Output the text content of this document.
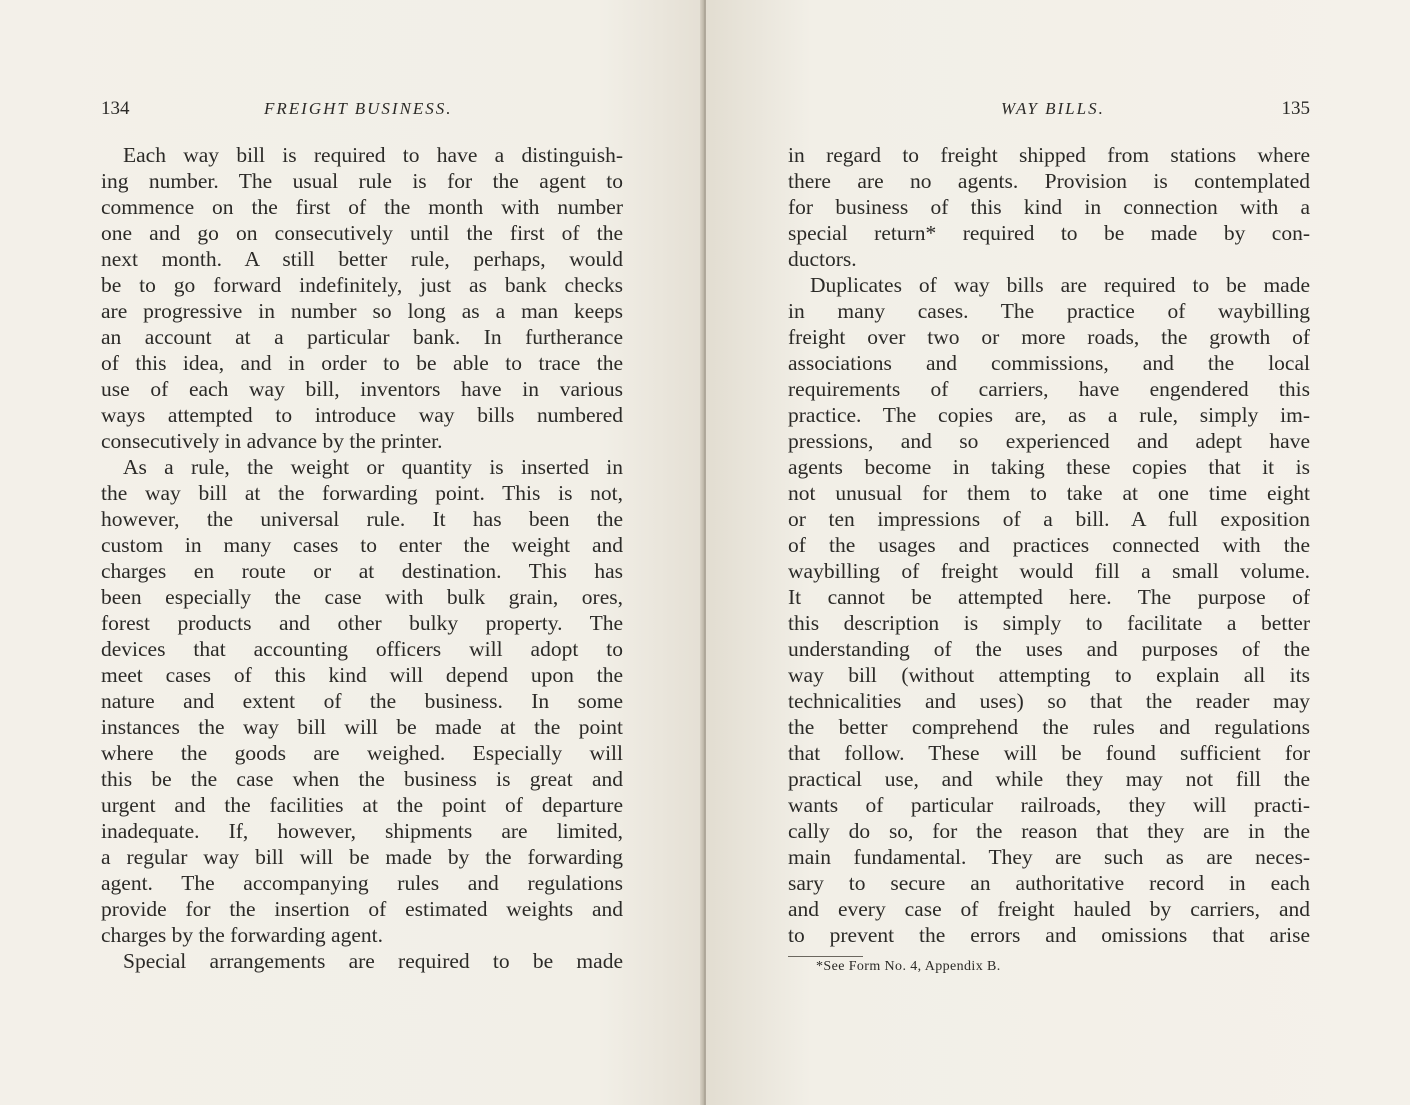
134	FREIGHT BUSINESS.
Each way bill is required to have a distinguish-
ing number. The usual rule is for the agent to
commence on the first of the month with number
one and go on consecutively until the first of the
next month. A still better rule, perhaps, would
be to go forward indefinitely, just as bank checks
are progressive in number so long as a man keeps
an account at a particular bank. In furtherance
of this idea, and in order to be able to trace the
use of each way bill, inventors have in various
ways attempted to introduce way bills numbered
consecutively in advance by the printer.
As a rule, the weight or quantity is inserted in
the way bill at the forwarding point. This is not,
however, the universal rule. It has been the
custom in many cases to enter the weight and
charges en route or at destination. This has
been especially the case with bulk grain, ores,
forest products and other bulky property. The
devices that accounting officers will adopt to
meet cases of this kind will depend upon the
nature and extent of the business. In some
instances the way bill will be made at the point
where the goods are weighed. Especially will
this be the case when the business is great and
urgent and the facilities at the point of departure
inadequate. If, however, shipments are limited,
a regular way bill will be made by the forwarding
agent. The accompanying rules and regulations
provide for the insertion of estimated weights and
charges by the forwarding agent.
Special arrangements are required to be made
WAY BILLS.	135
in regard to freight shipped from stations where
there are no agents. Provision is contemplated
for business of this kind in connection with a
special return* required to be made by con-
ductors.
Duplicates of way bills are required to be made
in many cases. The practice of waybilling
freight over two or more roads, the growth of
associations and commissions, and the local
requirements of carriers, have engendered this
practice. The copies are, as a rule, simply im-
pressions, and so experienced and adept have
agents become in taking these copies that it is
not unusual for them to take at one time eight
or ten impressions of a bill. A full exposition
of the usages and practices connected with the
waybilling of freight would fill a small volume.
It cannot be attempted here. The purpose of
this description is simply to facilitate a better
understanding of the uses and purposes of the
way bill (without attempting to explain all its
technicalities and uses) so that the reader may
the better comprehend the rules and regulations
that follow. These will be found sufficient for
practical use, and while they may not fill the
wants of particular railroads, they will practi-
cally do so, for the reason that they are in the
main fundamental. They are such as are neces-
sary to secure an authoritative record in each
and every case of freight hauled by carriers, and
to prevent the errors and omissions that arise
*See Form No. 4, Appendix B.
